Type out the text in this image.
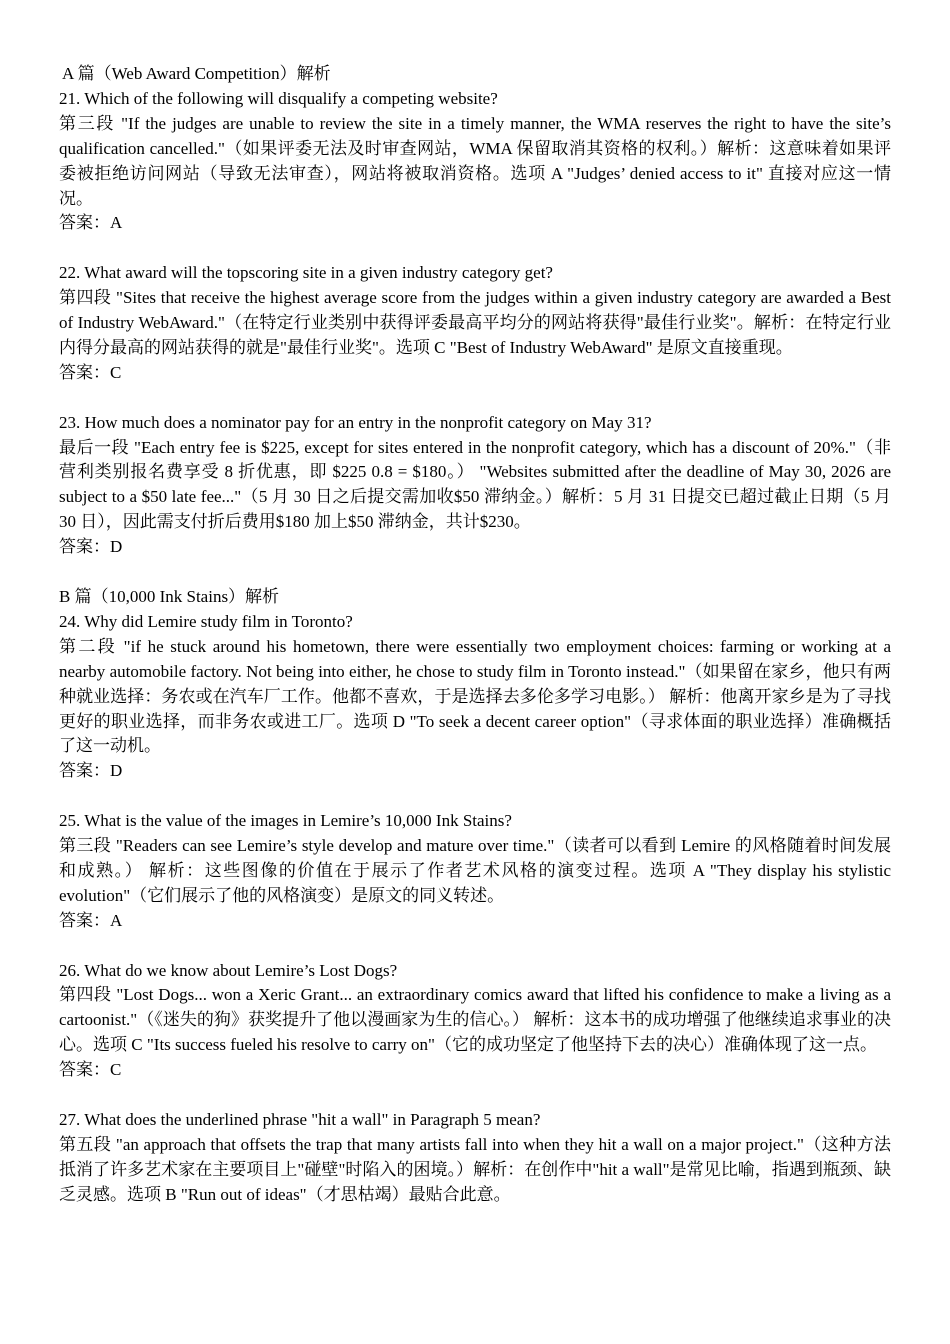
A 篇（Web Award Competition）解析

21. Which of the following will disqualify a competing website?

第三段 "If the judges are unable to review the site in a timely manner, the WMA reserves the right to have the site’s qualification cancelled."（如果评委无法及时审查网站，WMA 保留取消其资格的权利。）解析：这意味着如果评委被拒绝访问网站（导致无法审查），网站将被取消资格。选项 A "Judges’ denied access to it" 直接对应这一情况。

答案：A

22. What award will the topscoring site in a given industry category get?

第四段 "Sites that receive the highest average score from the judges within a given industry category are awarded a Best of Industry WebAward."（在特定行业类别中获得评委最高平均分的网站将获得"最佳行业奖"。解析：在特定行业内得分最高的网站获得的就是"最佳行业奖"。选项 C "Best of Industry WebAward" 是原文直接重现。

答案：C

23. How much does a nominator pay for an entry in the nonprofit category on May 31?

最后一段 "Each entry fee is $225, except for sites entered in the nonprofit category, which has a discount of 20%."（非营利类别报名费享受 8 折优惠，即 $225 0.8 = $180。） "Websites submitted after the deadline of May 30, 2026 are subject to a $50 late fee..."（5 月 30 日之后提交需加收$50 滞纳金。）解析：5 月 31 日提交已超过截止日期（5 月 30 日），因此需支付折后费用$180 加上$50 滞纳金，共计$230。

答案：D

B 篇（10,000 Ink Stains）解析

24. Why did Lemire study film in Toronto?

第二段 "if he stuck around his hometown, there were essentially two employment choices: farming or working at a nearby automobile factory. Not being into either, he chose to study film in Toronto instead."（如果留在家乡，他只有两种就业选择：务农或在汽车厂工作。他都不喜欢，于是选择去多伦多学习电影。） 解析：他离开家乡是为了寻找更好的职业选择，而非务农或进工厂。选项 D "To seek a decent career option"（寻求体面的职业选择）准确概括了这一动机。

答案：D

25. What is the value of the images in Lemire’s 10,000 Ink Stains?

第三段 "Readers can see Lemire’s style develop and mature over time."（读者可以看到 Lemire 的风格随着时间发展和成熟。） 解析：这些图像的价值在于展示了作者艺术风格的演变过程。选项 A "They display his stylistic evolution"（它们展示了他的风格演变）是原文的同义转述。

答案：A

26. What do we know about Lemire’s Lost Dogs?

第四段 "Lost Dogs... won a Xeric Grant... an extraordinary comics award that lifted his confidence to make a living as a cartoonist."（《迷失的狗》获奖提升了他以漫画家为生的信心。） 解析：这本书的成功增强了他继续追求事业的决心。选项 C "Its success fueled his resolve to carry on"（它的成功坚定了他坚持下去的决心）准确体现了这一点。

答案：C

27. What does the underlined phrase "hit a wall" in Paragraph 5 mean?

第五段 "an approach that offsets the trap that many artists fall into when they hit a wall on a major project."（这种方法抵消了许多艺术家在主要项目上"碰壁"时陷入的困境。）解析：在创作中"hit a wall"是常见比喻，指遇到瓶颈、缺乏灵感。选项 B "Run out of ideas"（才思枯竭）最贴合此意。
